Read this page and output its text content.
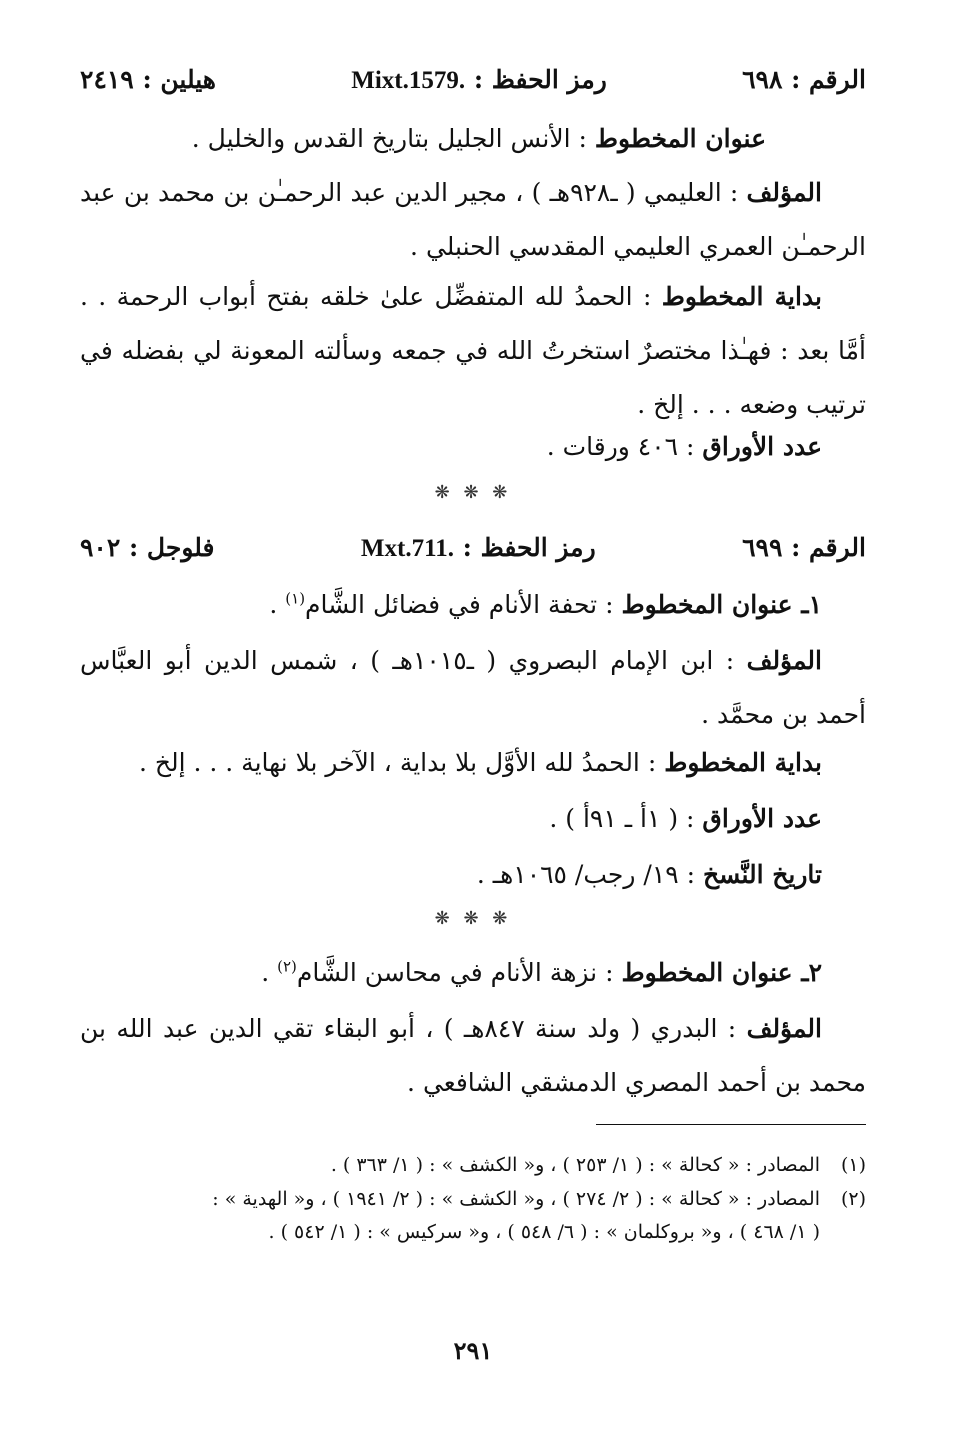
الرقم : ٦٩٨
رمز الحفظ : Mixt.1579.
هيلين : ٢٤١٩
عنوان المخطوط : الأنس الجليل بتاريخ القدس والخليل .
المؤلف : العليمي ( ـ٩٢٨هـ ) ، مجير الدين عبد الرحمـٰن بن محمد بن عبد الرحمـٰن العمري العليمي المقدسي الحنبلي .
بداية المخطوط : الحمدُ لله المتفضِّل علىٰ خلقه بفتح أبواب الرحمة . . أمَّا بعد : فهـٰذا مختصرٌ استخرتُ الله في جمعه وسألته المعونة لي بفضله في ترتيب وضعه . . . إلخ .
عدد الأوراق : ٤٠٦ ورقات .
❋ ❋ ❋
الرقم : ٦٩٩
رمز الحفظ : Mxt.711.
فلوجل : ٩٠٢
١ـ عنوان المخطوط : تحفة الأنام في فضائل الشَّام$^{(١)}$ .
المؤلف : ابن الإمام البصروي ( ـ١٠١٥هـ ) ، شمس الدين أبو العبَّاس أحمد بن محمَّد .
بداية المخطوط : الحمدُ لله الأوَّل بلا بداية ، الآخر بلا نهاية . . . إلخ .
عدد الأوراق : ( ١أ ـ ٩١أ ) .
تاريخ النَّسخ : ١٩/ رجب/ ١٠٦٥هـ .
❋ ❋ ❋
٢ـ عنوان المخطوط : نزهة الأنام في محاسن الشَّام$^{(٢)}$ .
المؤلف : البدري ( ولد سنة ٨٤٧هـ ) ، أبو البقاء تقي الدين عبد الله بن محمد بن أحمد المصري الدمشقي الشافعي .
(١)المصادر : « كحالة » : ( ١/ ٢٥٣ ) ، و« الكشف » : ( ١/ ٣٦٣ ) .
(٢)المصادر : « كحالة » : ( ٢/ ٢٧٤ ) ، و« الكشف » : ( ٢/ ١٩٤١ ) ، و« الهدية » :
( ١/ ٤٦٨ ) ، و« بروكلمان » : ( ٦/ ٥٤٨ ) ، و« سركيس » : ( ١/ ٥٤٢ ) .
٢٩١
